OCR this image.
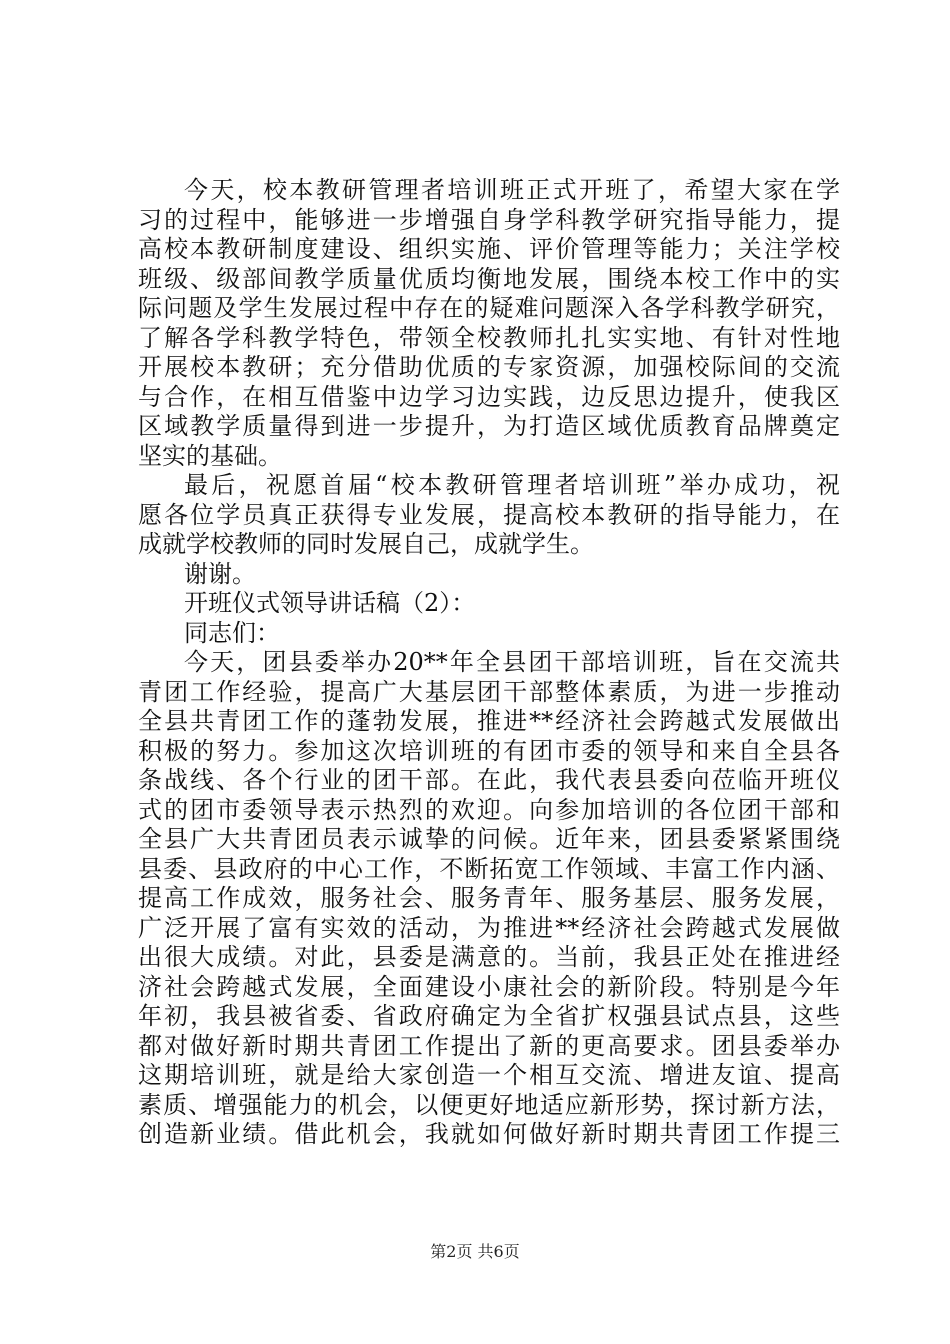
今天，校本教研管理者培训班正式开班了，希望大家在学
习的过程中，能够进一步增强自身学科教学研究指导能力，提
高校本教研制度建设、组织实施、评价管理等能力；关注学校
班级、级部间教学质量优质均衡地发展，围绕本校工作中的实
际问题及学生发展过程中存在的疑难问题深入各学科教学研究，
了解各学科教学特色，带领全校教师扎扎实实地、有针对性地
开展校本教研；充分借助优质的专家资源，加强校际间的交流
与合作，在相互借鉴中边学习边实践，边反思边提升，使我区
区域教学质量得到进一步提升，为打造区域优质教育品牌奠定
坚实的基础。
最后，祝愿首届“校本教研管理者培训班”举办成功，祝
愿各位学员真正获得专业发展，提高校本教研的指导能力，在
成就学校教师的同时发展自己，成就学生。
谢谢。
开班仪式领导讲话稿（2）：
同志们：
今天，团县委举办20**年全县团干部培训班，旨在交流共
青团工作经验，提高广大基层团干部整体素质，为进一步推动
全县共青团工作的蓬勃发展，推进**经济社会跨越式发展做出
积极的努力。参加这次培训班的有团市委的领导和来自全县各
条战线、各个行业的团干部。在此，我代表县委向莅临开班仪
式的团市委领导表示热烈的欢迎。向参加培训的各位团干部和
全县广大共青团员表示诚挚的问候。近年来，团县委紧紧围绕
县委、县政府的中心工作，不断拓宽工作领域、丰富工作内涵、
提高工作成效，服务社会、服务青年、服务基层、服务发展，
广泛开展了富有实效的活动，为推进**经济社会跨越式发展做
出很大成绩。对此，县委是满意的。当前，我县正处在推进经
济社会跨越式发展，全面建设小康社会的新阶段。特别是今年
年初，我县被省委、省政府确定为全省扩权强县试点县，这些
都对做好新时期共青团工作提出了新的更高要求。团县委举办
这期培训班，就是给大家创造一个相互交流、增进友谊、提高
素质、增强能力的机会，以便更好地适应新形势，探讨新方法，
创造新业绩。借此机会，我就如何做好新时期共青团工作提三
第2页 共6页
